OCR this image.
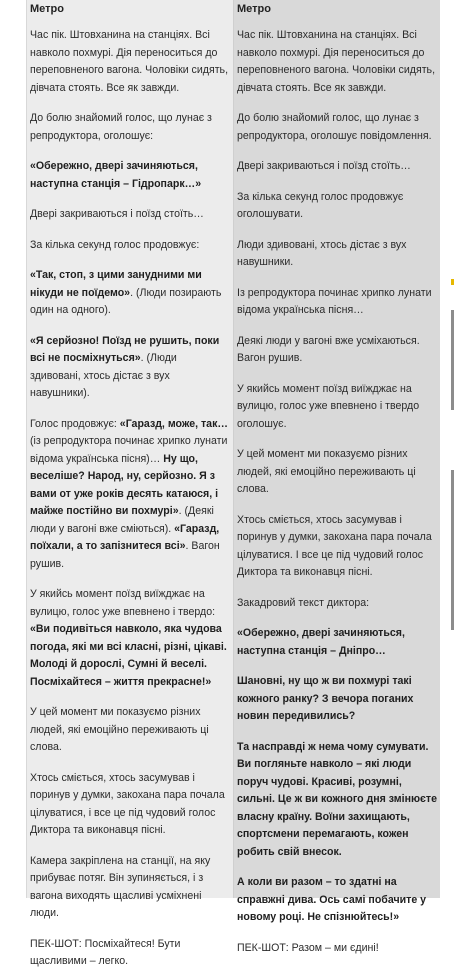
Метро
Час пік. Штовханина на станціях. Всі навколо похмурі. Дія переноситься до переповненого вагона. Чоловіки сидять, дівчата стоять. Все як завжди.
До болю знайомий голос, що лунає з репродуктора, оголошує:
«Обережно, двері зачиняються, наступна станція – Гідропарк…»
Двері закриваються і поїзд стоїть…
За кілька секунд голос продовжує:
«Так, стоп, з цими занудними ми нікуди не поїдемо». (Люди позирають один на одного).
«Я серйозно! Поїзд не рушить, поки всі не посміхнуться». (Люди здивовані, хтось дістає з вух навушники).
Голос продовжує: «Гаразд, може, так… (із репродуктора починає хрипко лунати відома українська пісня)… Ну що, веселіше? Народ, ну, серйозно. Я з вами от уже років десять катаюся, і майже постійно ви похмурі». (Деякі люди у вагоні вже сміються). «Гаразд, поїхали, а то запізнитеся всі». Вагон рушив.
У якийсь момент поїзд виїжджає на вулицю, голос уже впевнено і твердо: «Ви подивіться навколо, яка чудова погода, які ми всі класні, різні, цікаві. Молоді й дорослі, Сумні й веселі. Посміхайтеся – життя прекрасне!»
У цей момент ми показуємо різних людей, які емоційно переживають ці слова.
Хтось сміється, хтось засумував і поринув у думки, закохана пара почала цілуватися, і все це під чудовий голос Диктора та виконавця пісні.
Камера закріплена на станції, на яку прибуває потяг. Він зупиняється, і з вагона виходять щасливі усміхнені люди.
ПЕК-ШОТ: Посміхайтеся! Бути щасливими – легко.
Метро
Час пік. Штовханина на станціях. Всі навколо похмурі. Дія переноситься до переповненого вагона. Чоловіки сидять, дівчата стоять. Все як завжди.
До болю знайомий голос, що лунає з репродуктора, оголошує повідомлення.
Двері закриваються і поїзд стоїть…
За кілька секунд голос продовжує оголошувати.
Люди здивовані, хтось дістає з вух навушники.
Із репродуктора починає хрипко лунати відома українська пісня…
Деякі люди у вагоні вже усміхаються. Вагон рушив.
У якийсь момент поїзд виїжджає на вулицю, голос уже впевнено і твердо оголошує.
У цей момент ми показуємо різних людей, які емоційно переживають ці слова.
Хтось сміється, хтось засумував і поринув у думки, закохана пара почала цілуватися. І все це під чудовий голос Диктора та виконавця пісні.
Закадровий текст диктора:
«Обережно, двері зачиняються, наступна станція – Дніпро…
Шановні, ну що ж ви похмурі такі кожного ранку? З вечора поганих новин передивились?
Та насправді ж нема чому сумувати. Ви погляньте навколо – які люди поруч чудові. Красиві, розумні, сильні. Це ж ви кожного дня змінюєте власну країну. Воїни захищають, спортсмени перемагають, кожен робить свій внесок.
А коли ви разом – то здатні на справжні дива. Ось самі побачите у новому році. Не спізнюйтесь!»
ПЕК-ШОТ: Разом – ми єдині!
